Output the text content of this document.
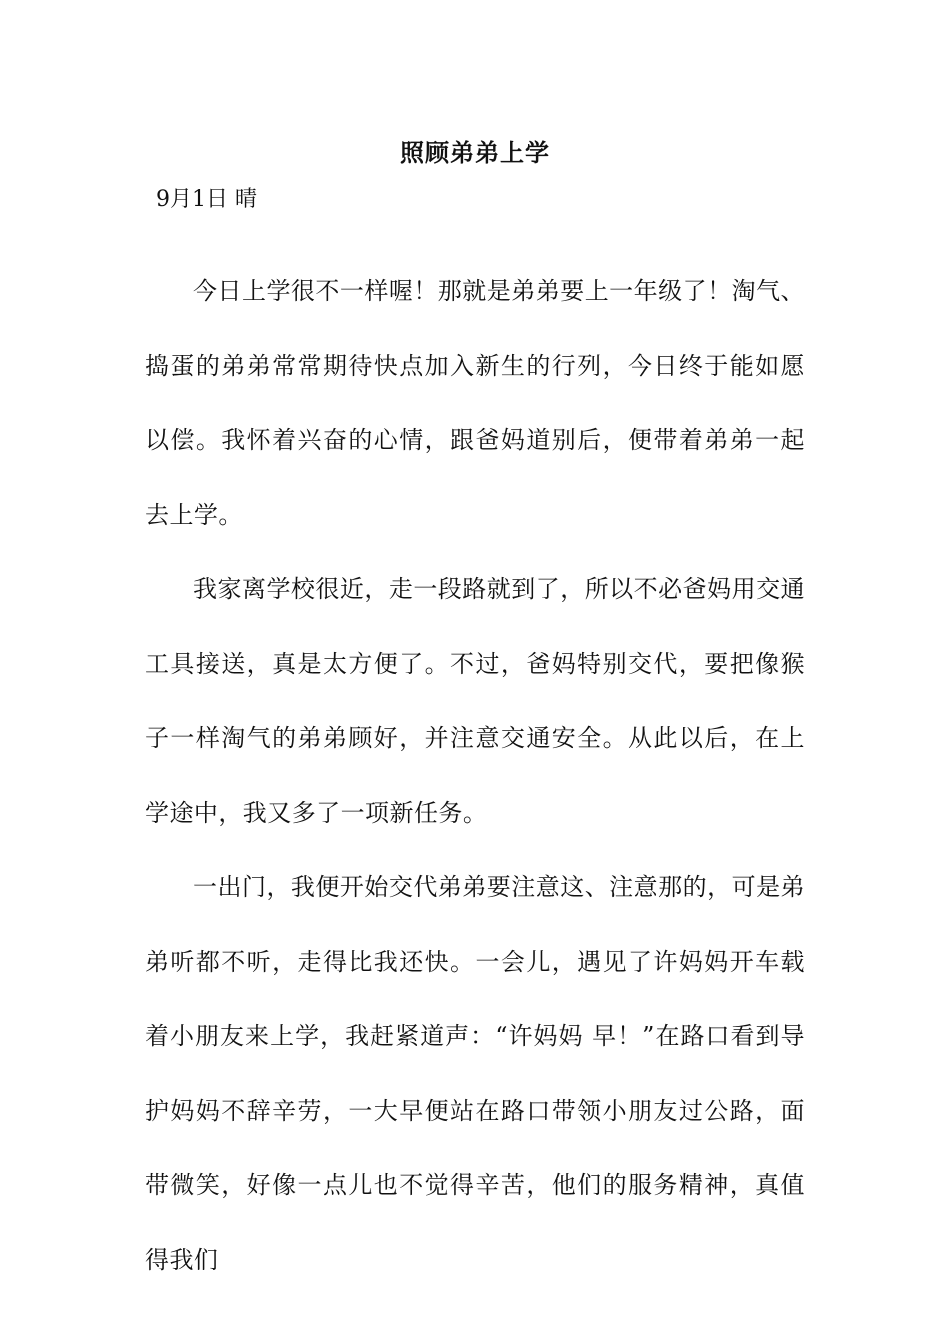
照顾弟弟上学
9月1日 晴

今日上学很不一样喔！那就是弟弟要上一年级了！淘气、捣蛋的弟弟常常期待快点加入新生的行列，今日终于能如愿以偿。我怀着兴奋的心情，跟爸妈道别后，便带着弟弟一起去上学。

我家离学校很近，走一段路就到了，所以不必爸妈用交通工具接送，真是太方便了。不过，爸妈特别交代，要把像猴子一样淘气的弟弟顾好，并注意交通安全。从此以后，在上学途中，我又多了一项新任务。

一出门，我便开始交代弟弟要注意这、注意那的，可是弟弟听都不听，走得比我还快。一会儿，遇见了许妈妈开车载着小朋友来上学，我赶紧道声：“许妈妈 早！”在路口看到导护妈妈不辞辛劳，一大早便站在路口带领小朋友过公路，面带微笑，好像一点儿也不觉得辛苦，他们的服务精神，真值得我们
